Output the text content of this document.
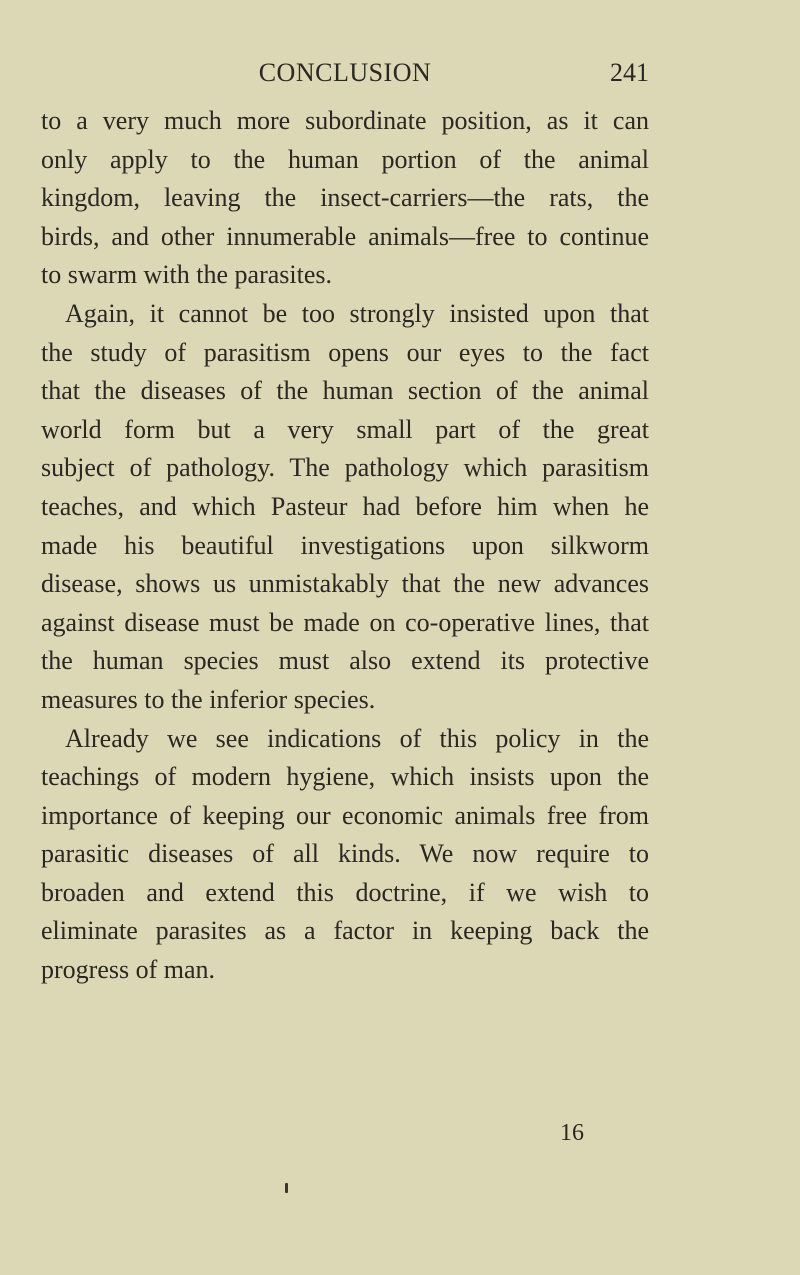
CONCLUSION	241
to a very much more subordinate position, as it can
only apply to the human portion of the animal
kingdom, leaving the insect-carriers—the rats, the
birds, and other innumerable animals—free to continue
to swarm with the parasites.
Again, it cannot be too strongly insisted upon that
the study of parasitism opens our eyes to the fact
that the diseases of the human section of the animal
world form but a very small part of the great
subject of pathology. The pathology which parasitism
teaches, and which Pasteur had before him when he
made his beautiful investigations upon silkworm
disease, shows us unmistakably that the new advances
against disease must be made on co-operative lines, that
the human species must also extend its protective
measures to the inferior species.
Already we see indications of this policy in the
teachings of modern hygiene, which insists upon the
importance of keeping our economic animals free from
parasitic diseases of all kinds. We now require to
broaden and extend this doctrine, if we wish to
eliminate parasites as a factor in keeping back the
progress of man.
16
